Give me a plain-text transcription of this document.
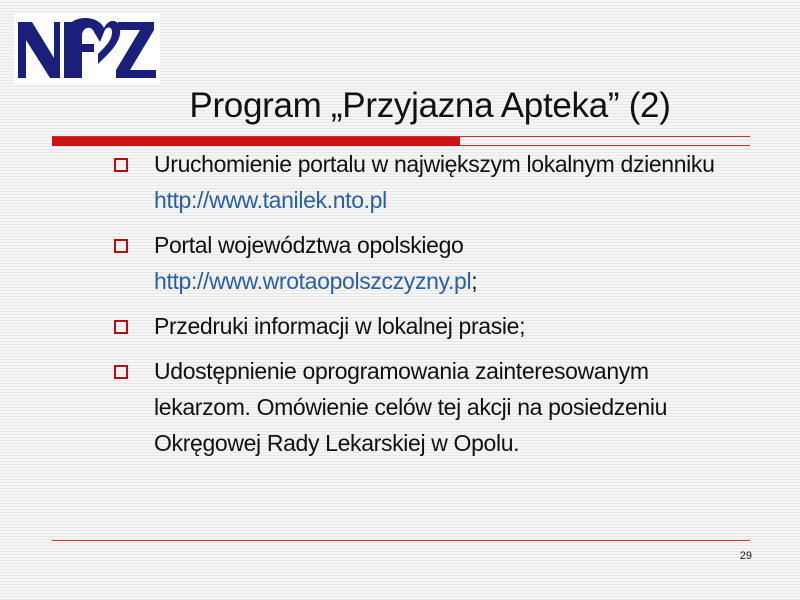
Program „Przyjazna Apteka” (2)
Uruchomienie portalu w największym lokalnym dzienniku
http://www.tanilek.nto.pl
Portal województwa opolskiego
http://www.wrotaopolszczyzny.pl;
Przedruki informacji w lokalnej prasie;
Udostępnienie oprogramowania zainteresowanym
lekarzom. Omówienie celów tej akcji na posiedzeniu
Okręgowej Rady Lekarskiej w Opolu.
29
